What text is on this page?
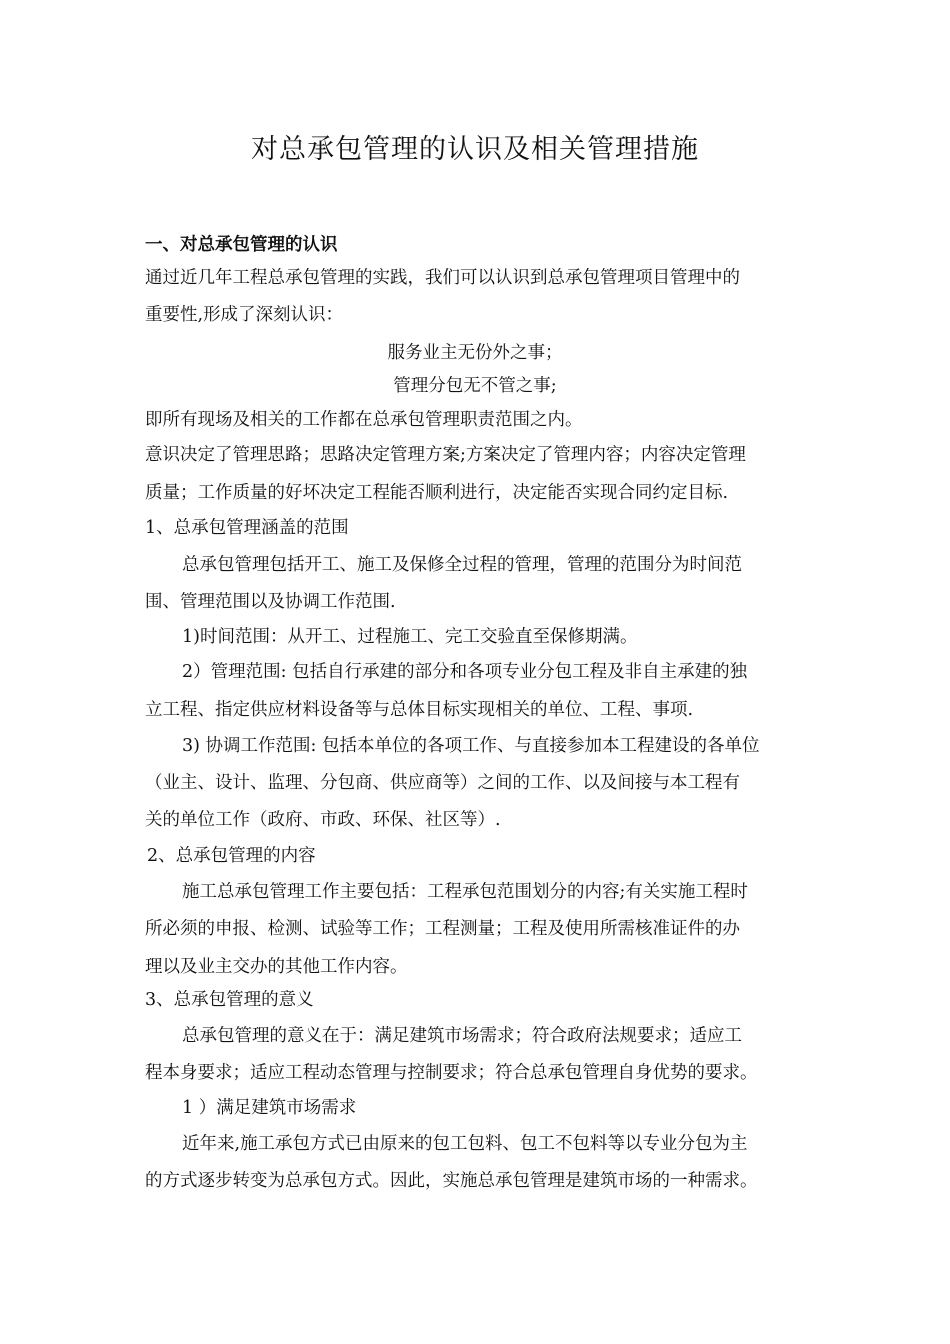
对总承包管理的认识及相关管理措施
一、对总承包管理的认识
通过近几年工程总承包管理的实践，我们可以认识到总承包管理项目管理中的
重要性,形成了深刻认识：
服务业主无份外之事；
管理分包无不管之事;
即所有现场及相关的工作都在总承包管理职责范围之内。
意识决定了管理思路；思路决定管理方案;方案决定了管理内容；内容决定管理
质量；工作质量的好坏决定工程能否顺利进行，决定能否实现合同约定目标.
1、总承包管理涵盖的范围
总承包管理包括开工、施工及保修全过程的管理，管理的范围分为时间范
围、管理范围以及协调工作范围.
1)时间范围：从开工、过程施工、完工交验直至保修期满。
2）管理范围: 包括自行承建的部分和各项专业分包工程及非自主承建的独
立工程、指定供应材料设备等与总体目标实现相关的单位、工程、事项.
3) 协调工作范围: 包括本单位的各项工作、与直接参加本工程建设的各单位
（业主、设计、监理、分包商、供应商等）之间的工作、以及间接与本工程有
关的单位工作（政府、市政、环保、社区等）.
2、总承包管理的内容
施工总承包管理工作主要包括：工程承包范围划分的内容;有关实施工程时
所必须的申报、检测、试验等工作；工程测量；工程及使用所需核准证件的办
理以及业主交办的其他工作内容。
3、总承包管理的意义
总承包管理的意义在于：满足建筑市场需求；符合政府法规要求；适应工
程本身要求；适应工程动态管理与控制要求；符合总承包管理自身优势的要求。
1 ）满足建筑市场需求
近年来,施工承包方式已由原来的包工包料、包工不包料等以专业分包为主
的方式逐步转变为总承包方式。因此，实施总承包管理是建筑市场的一种需求。
